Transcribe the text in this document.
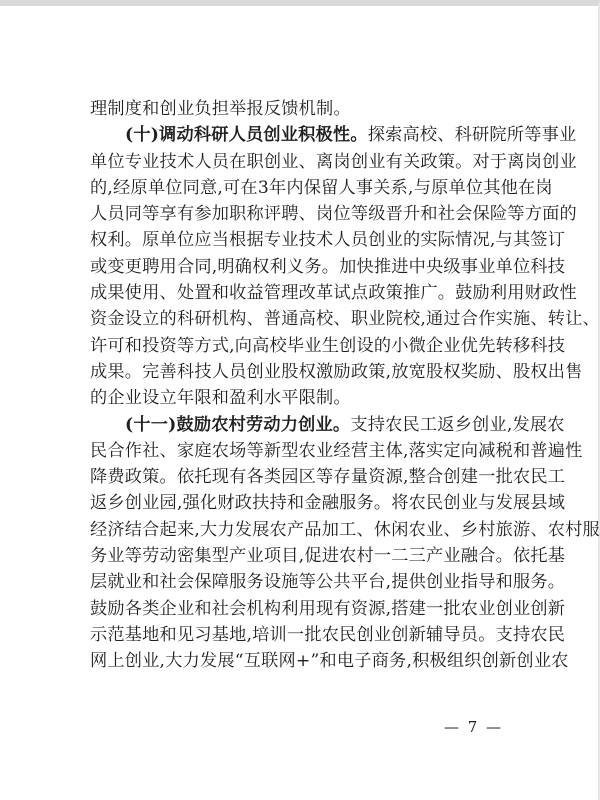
理制度和创业负担举报反馈机制。
(十)调动科研人员创业积极性。探索高校、科研院所等事业
单位专业技术人员在职创业、离岗创业有关政策。对于离岗创业
的,经原单位同意,可在3年内保留人事关系,与原单位其他在岗
人员同等享有参加职称评聘、岗位等级晋升和社会保险等方面的
权利。原单位应当根据专业技术人员创业的实际情况,与其签订
或变更聘用合同,明确权利义务。加快推进中央级事业单位科技
成果使用、处置和收益管理改革试点政策推广。鼓励利用财政性
资金设立的科研机构、普通高校、职业院校,通过合作实施、转让、
许可和投资等方式,向高校毕业生创设的小微企业优先转移科技
成果。完善科技人员创业股权激励政策,放宽股权奖励、股权出售
的企业设立年限和盈利水平限制。
(十一)鼓励农村劳动力创业。支持农民工返乡创业,发展农
民合作社、家庭农场等新型农业经营主体,落实定向减税和普遍性
降费政策。依托现有各类园区等存量资源,整合创建一批农民工
返乡创业园,强化财政扶持和金融服务。将农民创业与发展县域
经济结合起来,大力发展农产品加工、休闲农业、乡村旅游、农村服
务业等劳动密集型产业项目,促进农村一二三产业融合。依托基
层就业和社会保障服务设施等公共平台,提供创业指导和服务。
鼓励各类企业和社会机构利用现有资源,搭建一批农业创业创新
示范基地和见习基地,培训一批农民创业创新辅导员。支持农民
网上创业,大力发展“互联网+”和电子商务,积极组织创新创业农
— 7 —
